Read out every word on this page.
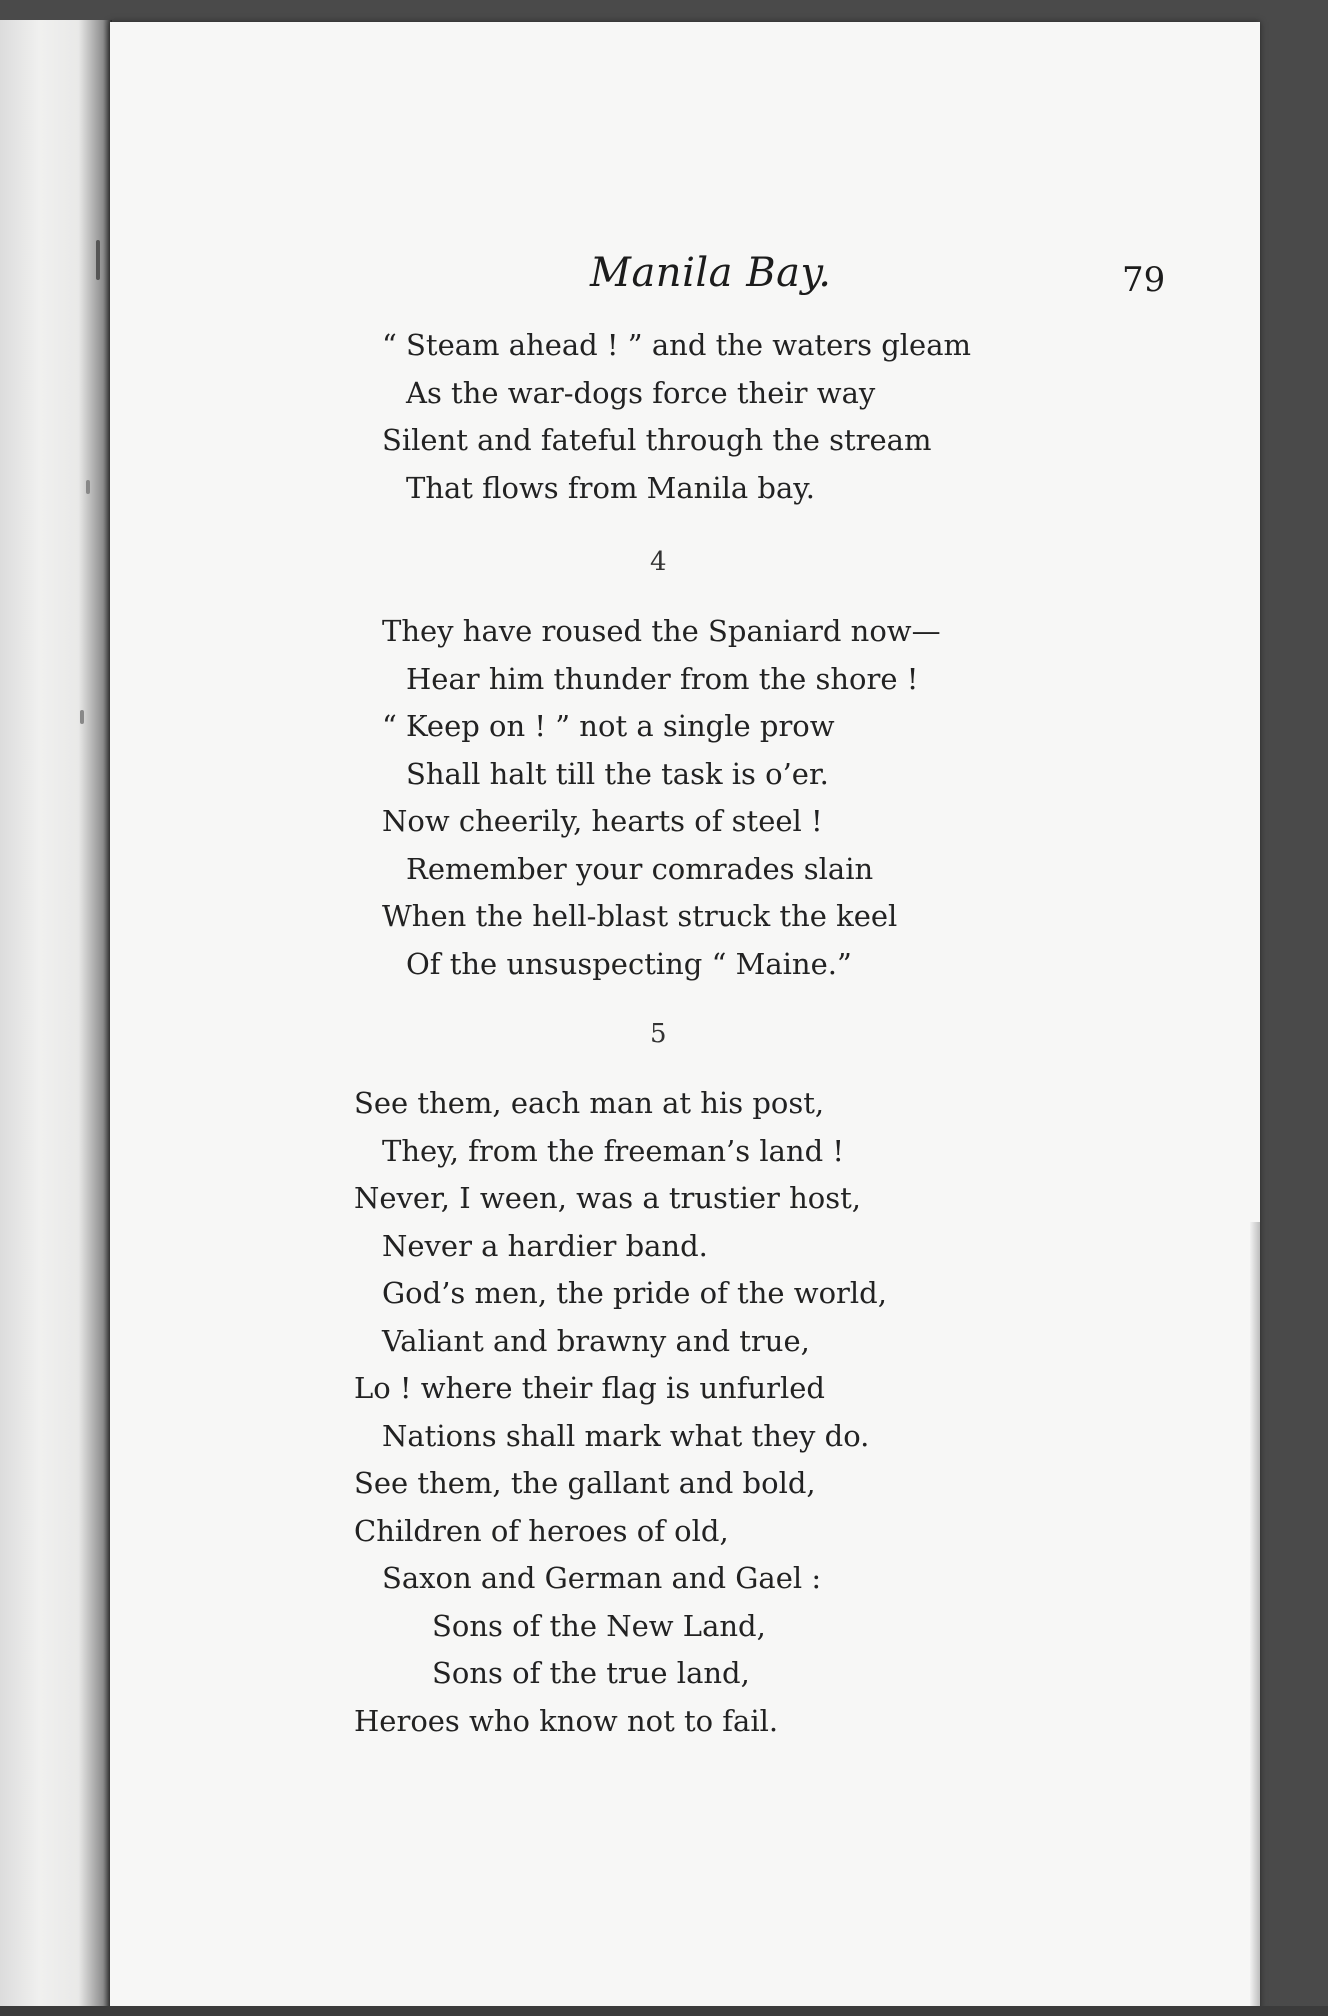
Manila Bay.	79
“ Steam ahead ! ” and the waters gleam
As the war-dogs force their way
Silent and fateful through the stream
That flows from Manila bay.
4
They have roused the Spaniard now—
Hear him thunder from the shore !
“ Keep on ! ” not a single prow
Shall halt till the task is o’er.
Now cheerily, hearts of steel !
Remember your comrades slain
When the hell-blast struck the keel
Of the unsuspecting “ Maine.”
5
See them, each man at his post,
They, from the freeman’s land !
Never, I ween, was a trustier host,
Never a hardier band.
God’s men, the pride of the world,
Valiant and brawny and true,
Lo ! where their flag is unfurled
Nations shall mark what they do.
See them, the gallant and bold,
Children of heroes of old,
Saxon and German and Gael :
Sons of the New Land,
Sons of the true land,
Heroes who know not to fail.
